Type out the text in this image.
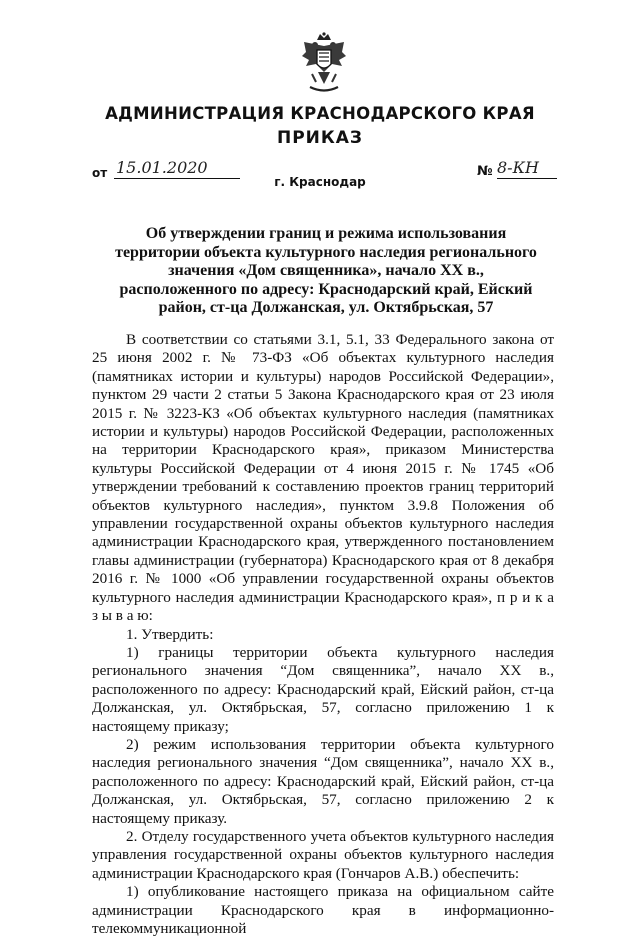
АДМИНИСТРАЦИЯ КРАСНОДАРСКОГО КРАЯ
ПРИКАЗ
от 15.01.2020	№ 8-КН
г. Краснодар
Об утверждении границ и режима использования территории объекта культурного наследия регионального значения «Дом священника», начало XX в., расположенного по адресу: Краснодарский край, Ейский район, ст-ца Должанская, ул. Октябрьская, 57

В соответствии со статьями 3.1, 5.1, 33 Федерального закона от 25 июня 2002 г. № 73-ФЗ «Об объектах культурного наследия (памятниках истории и культуры) народов Российской Федерации», пунктом 29 части 2 статьи 5 Закона Краснодарского края от 23 июля 2015 г. № 3223-КЗ «Об объектах культурного наследия (памятниках истории и культуры) народов Российской Федерации, расположенных на территории Краснодарского края», приказом Министерства культуры Российской Федерации от 4 июня 2015 г. № 1745 «Об утверждении требований к составлению проектов границ территорий объектов культурного наследия», пунктом 3.9.8 Положения об управлении государственной охраны объектов культурного наследия администрации Краснодарского края, утвержденного постановлением главы администрации (губернатора) Краснодарского края от 8 декабря 2016 г. № 1000 «Об управлении государственной охраны объектов культурного наследия администрации Краснодарского края», п р и к а з ы в а ю:

1. Утвердить:

1) границы территории объекта культурного наследия регионального значения “Дом священника”, начало XX в., расположенного по адресу: Краснодарский край, Ейский район, ст-ца Должанская, ул. Октябрьская, 57, согласно приложению 1 к настоящему приказу;

2) режим использования территории объекта культурного наследия регионального значения “Дом священника”, начало XX в., расположенного по адресу: Краснодарский край, Ейский район, ст-ца Должанская, ул. Октябрьская, 57, согласно приложению 2 к настоящему приказу.

2. Отделу государственного учета объектов культурного наследия управления государственной охраны объектов культурного наследия администрации Краснодарского края (Гончаров А.В.) обеспечить:

1) опубликование настоящего приказа на официальном сайте администрации Краснодарского края в информационно-телекоммуникационной
